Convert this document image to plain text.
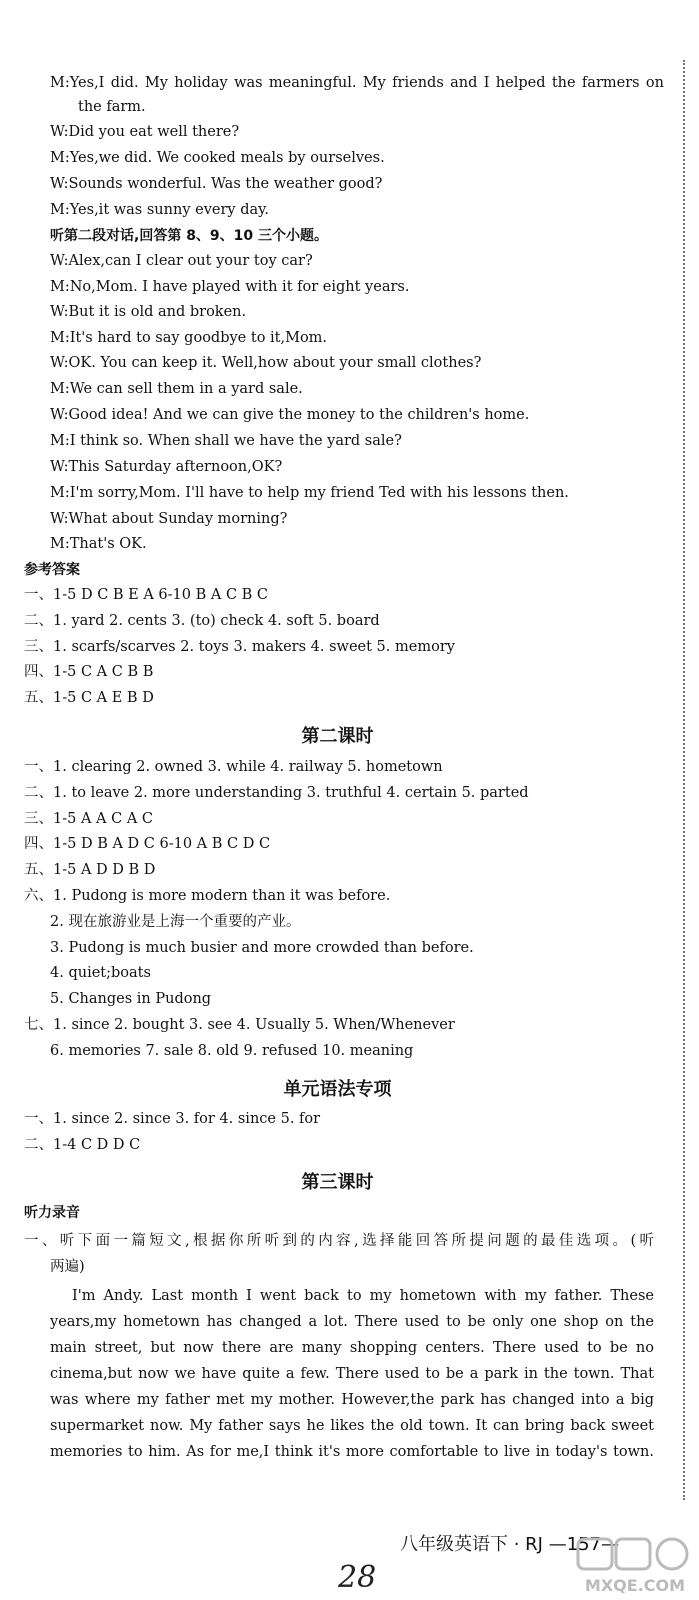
M:Yes,I did. My holiday was meaningful. My friends and I helped the farmers on
the farm.
W:Did you eat well there?
M:Yes,we did. We cooked meals by ourselves.
W:Sounds wonderful. Was the weather good?
M:Yes,it was sunny every day.
听第二段对话,回答第 8、9、10 三个小题。
W:Alex,can I clear out your toy car?
M:No,Mom. I have played with it for eight years.
W:But it is old and broken.
M:It's hard to say goodbye to it,Mom.
W:OK. You can keep it. Well,how about your small clothes?
M:We can sell them in a yard sale.
W:Good idea! And we can give the money to the children's home.
M:I think so. When shall we have the yard sale?
W:This Saturday afternoon,OK?
M:I'm sorry,Mom. I'll have to help my friend Ted with his lessons then.
W:What about Sunday morning?
M:That's OK.
参考答案
一、1-5 D C B E A 6-10 B A C B C
二、1. yard 2. cents 3. (to) check 4. soft 5. board
三、1. scarfs/scarves 2. toys 3. makers 4. sweet 5. memory
四、1-5 C A C B B
五、1-5 C A E B D
第二课时
一、1. clearing 2. owned 3. while 4. railway 5. hometown
二、1. to leave 2. more understanding 3. truthful 4. certain 5. parted
三、1-5 A A C A C
四、1-5 D B A D C 6-10 A B C D C
五、1-5 A D D B D
六、1. Pudong is more modern than it was before.
2. 现在旅游业是上海一个重要的产业。
3. Pudong is much busier and more crowded than before.
4. quiet;boats
5. Changes in Pudong
七、1. since 2. bought 3. see 4. Usually 5. When/Whenever
6. memories 7. sale 8. old 9. refused 10. meaning
单元语法专项
一、1. since 2. since 3. for 4. since 5. for
二、1-4 C D D C
第三课时
听力录音
一、听下面一篇短文,根据你所听到的内容,选择能回答所提问题的最佳选项。(听
两遍)
I'm Andy. Last month I went back to my hometown with my father. These
years,my hometown has changed a lot. There used to be only one shop on the
main street, but now there are many shopping centers. There used to be no
cinema,but now we have quite a few. There used to be a park in the town. That
was where my father met my mother. However,the park has changed into a big
supermarket now. My father says he likes the old town. It can bring back sweet
memories to him. As for me,I think it's more comfortable to live in today's town.
八年级英语下 · RJ —157—
28	MXQE.COM
